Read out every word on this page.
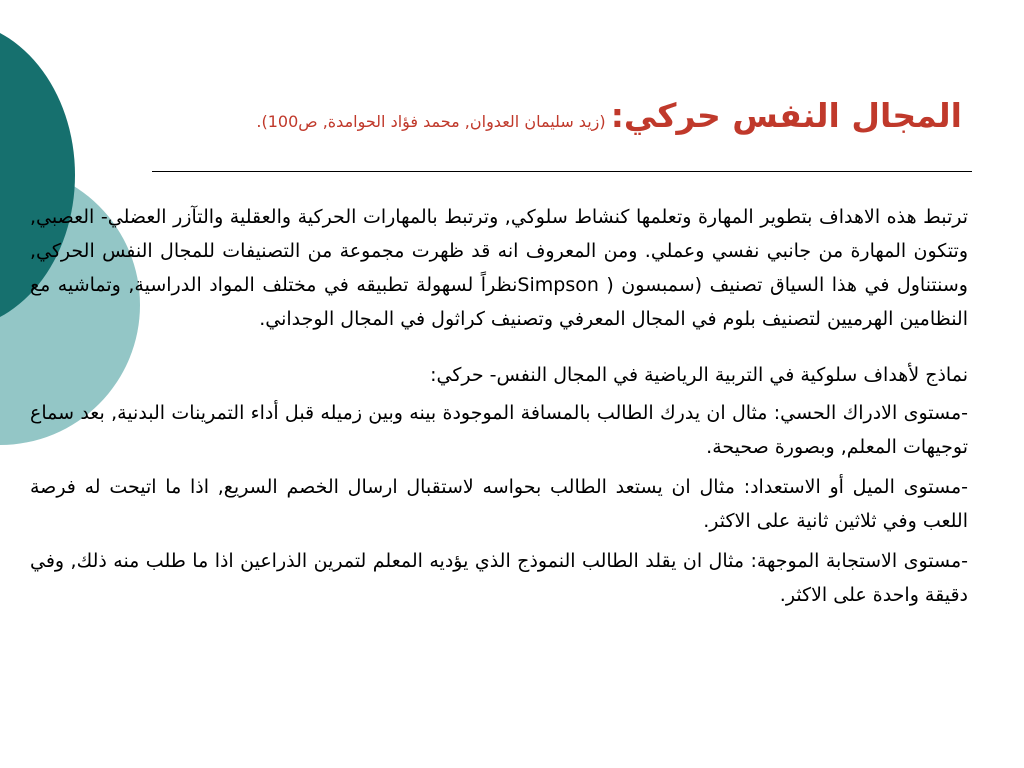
المجال النفس حركي: (زيد سليمان العدوان, محمد فؤاد الحوامدة, ص100).

ترتبط هذه الاهداف بتطوير المهارة وتعلمها كنشاط سلوكي, وترتبط بالمهارات الحركية والعقلية والتآزر العضلي- العصبي, وتتكون المهارة من جانبي نفسي وعملي. ومن المعروف انه قد ظهرت مجموعة من التصنيفات للمجال النفس الحركي, وسنتناول في هذا السياق تصنيف (سمبسون ( Simpsonنظراً لسهولة تطبيقه في مختلف المواد الدراسية, وتماشيه مع النظامين الهرميين لتصنيف بلوم في المجال المعرفي وتصنيف كراثول في المجال الوجداني.

نماذج لأهداف سلوكية في التربية الرياضية في المجال النفس- حركي:

-مستوى الادراك الحسي: مثال ان يدرك الطالب بالمسافة الموجودة بينه وبين زميله قبل أداء التمرينات البدنية, بعد سماع توجيهات المعلم, وبصورة صحيحة.

-مستوى الميل أو الاستعداد: مثال ان يستعد الطالب بحواسه لاستقبال ارسال الخصم السريع, اذا ما اتيحت له فرصة اللعب وفي ثلاثين ثانية على الاكثر.

-مستوى الاستجابة الموجهة: مثال ان يقلد الطالب النموذج الذي يؤديه المعلم لتمرين الذراعين اذا ما طلب منه ذلك, وفي دقيقة واحدة على الاكثر.
